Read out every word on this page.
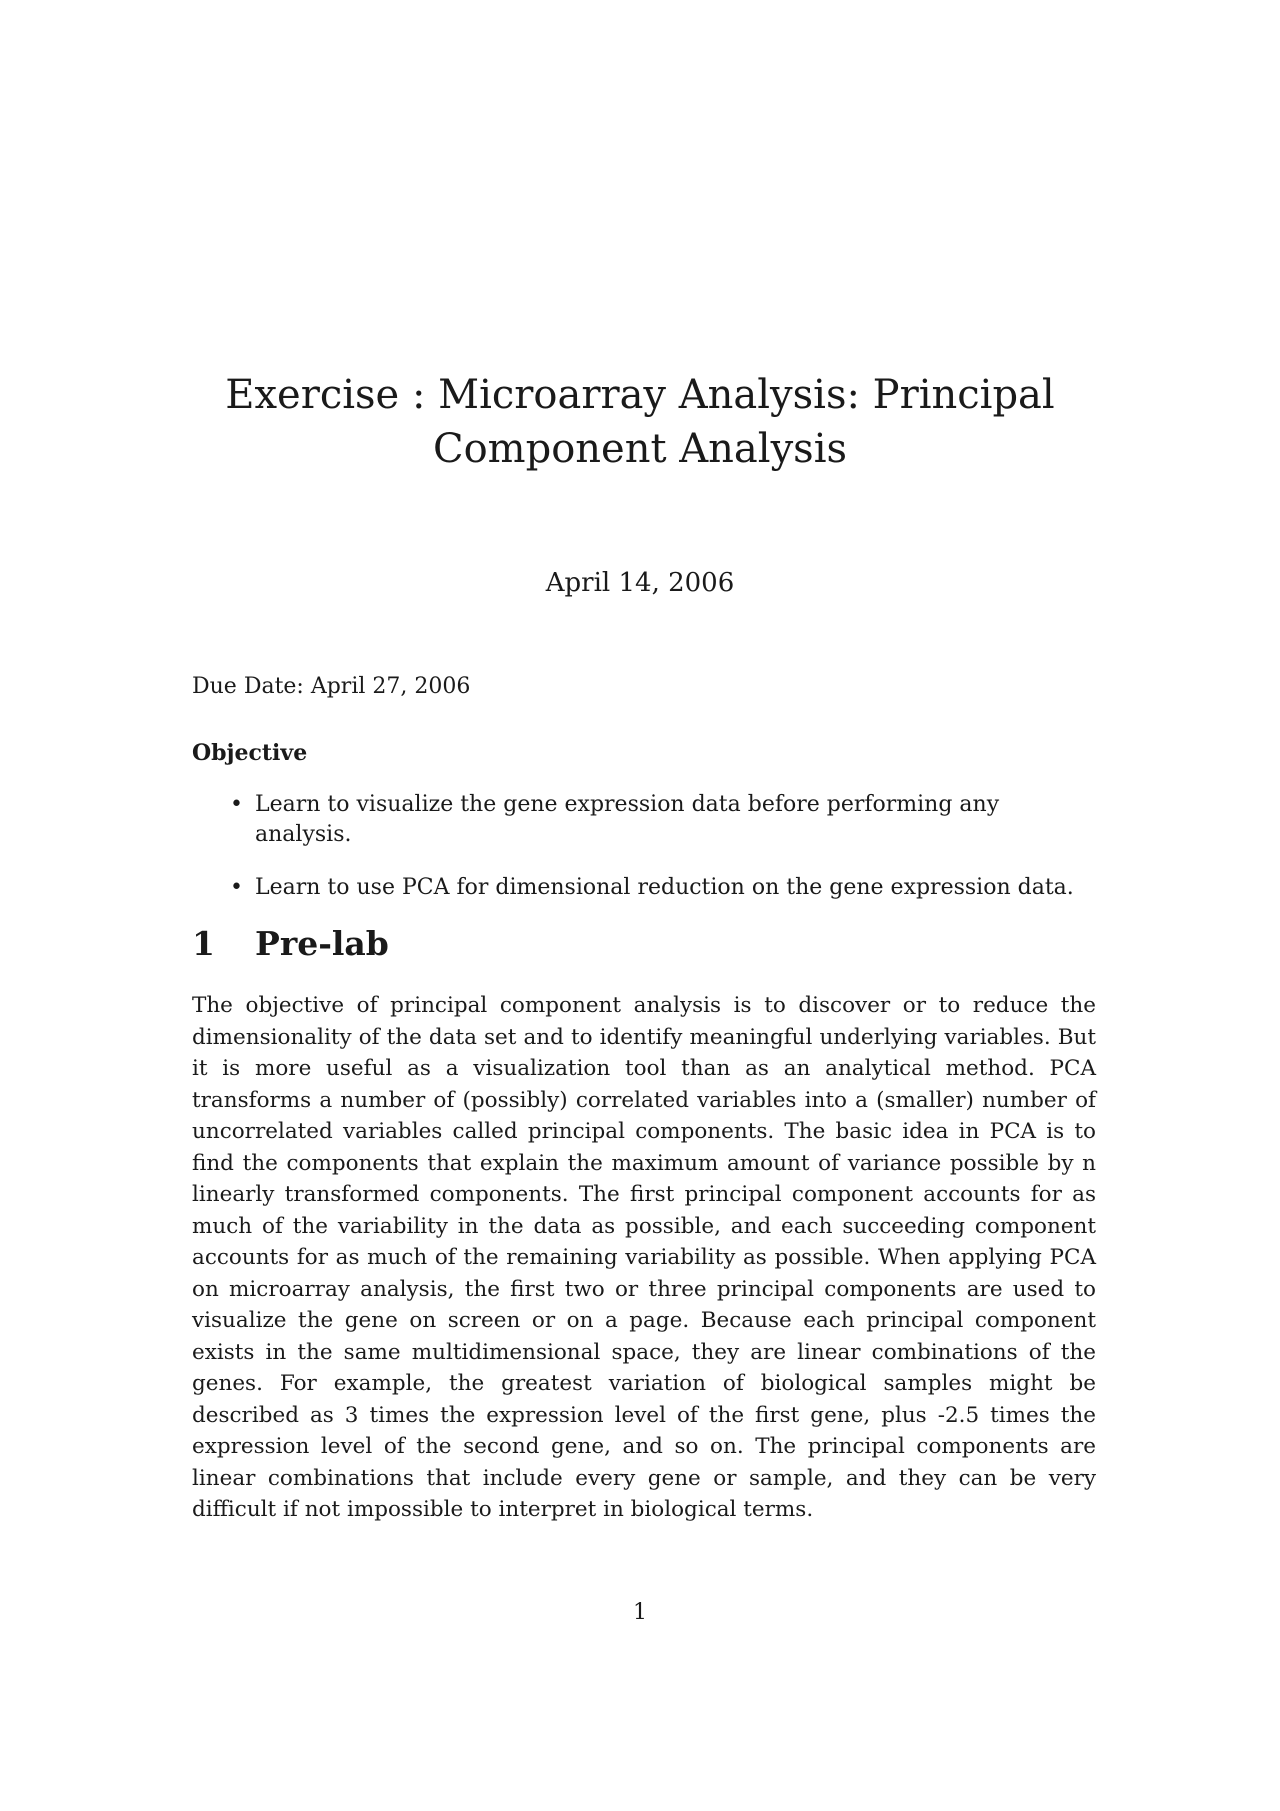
Exercise : Microarray Analysis: Principal Component Analysis

April 14, 2006

Due Date: April 27, 2006

Objective
• Learn to visualize the gene expression data before performing any analysis.
• Learn to use PCA for dimensional reduction on the gene expression data.
1 Pre-lab

The objective of principal component analysis is to discover or to reduce the dimensionality of the data set and to identify meaningful underlying variables. But it is more useful as a visualization tool than as an analytical method. PCA transforms a number of (possibly) correlated variables into a (smaller) number of uncorrelated variables called principal components. The basic idea in PCA is to find the components that explain the maximum amount of variance possible by n linearly transformed components. The first principal component accounts for as much of the variability in the data as possible, and each succeeding component accounts for as much of the remaining variability as possible. When applying PCA on microarray analysis, the first two or three principal components are used to visualize the gene on screen or on a page. Because each principal component exists in the same multidimensional space, they are linear combinations of the genes. For example, the greatest variation of biological samples might be described as 3 times the expression level of the first gene, plus -2.5 times the expression level of the second gene, and so on. The principal components are linear combinations that include every gene or sample, and they can be very difficult if not impossible to interpret in biological terms.

1
